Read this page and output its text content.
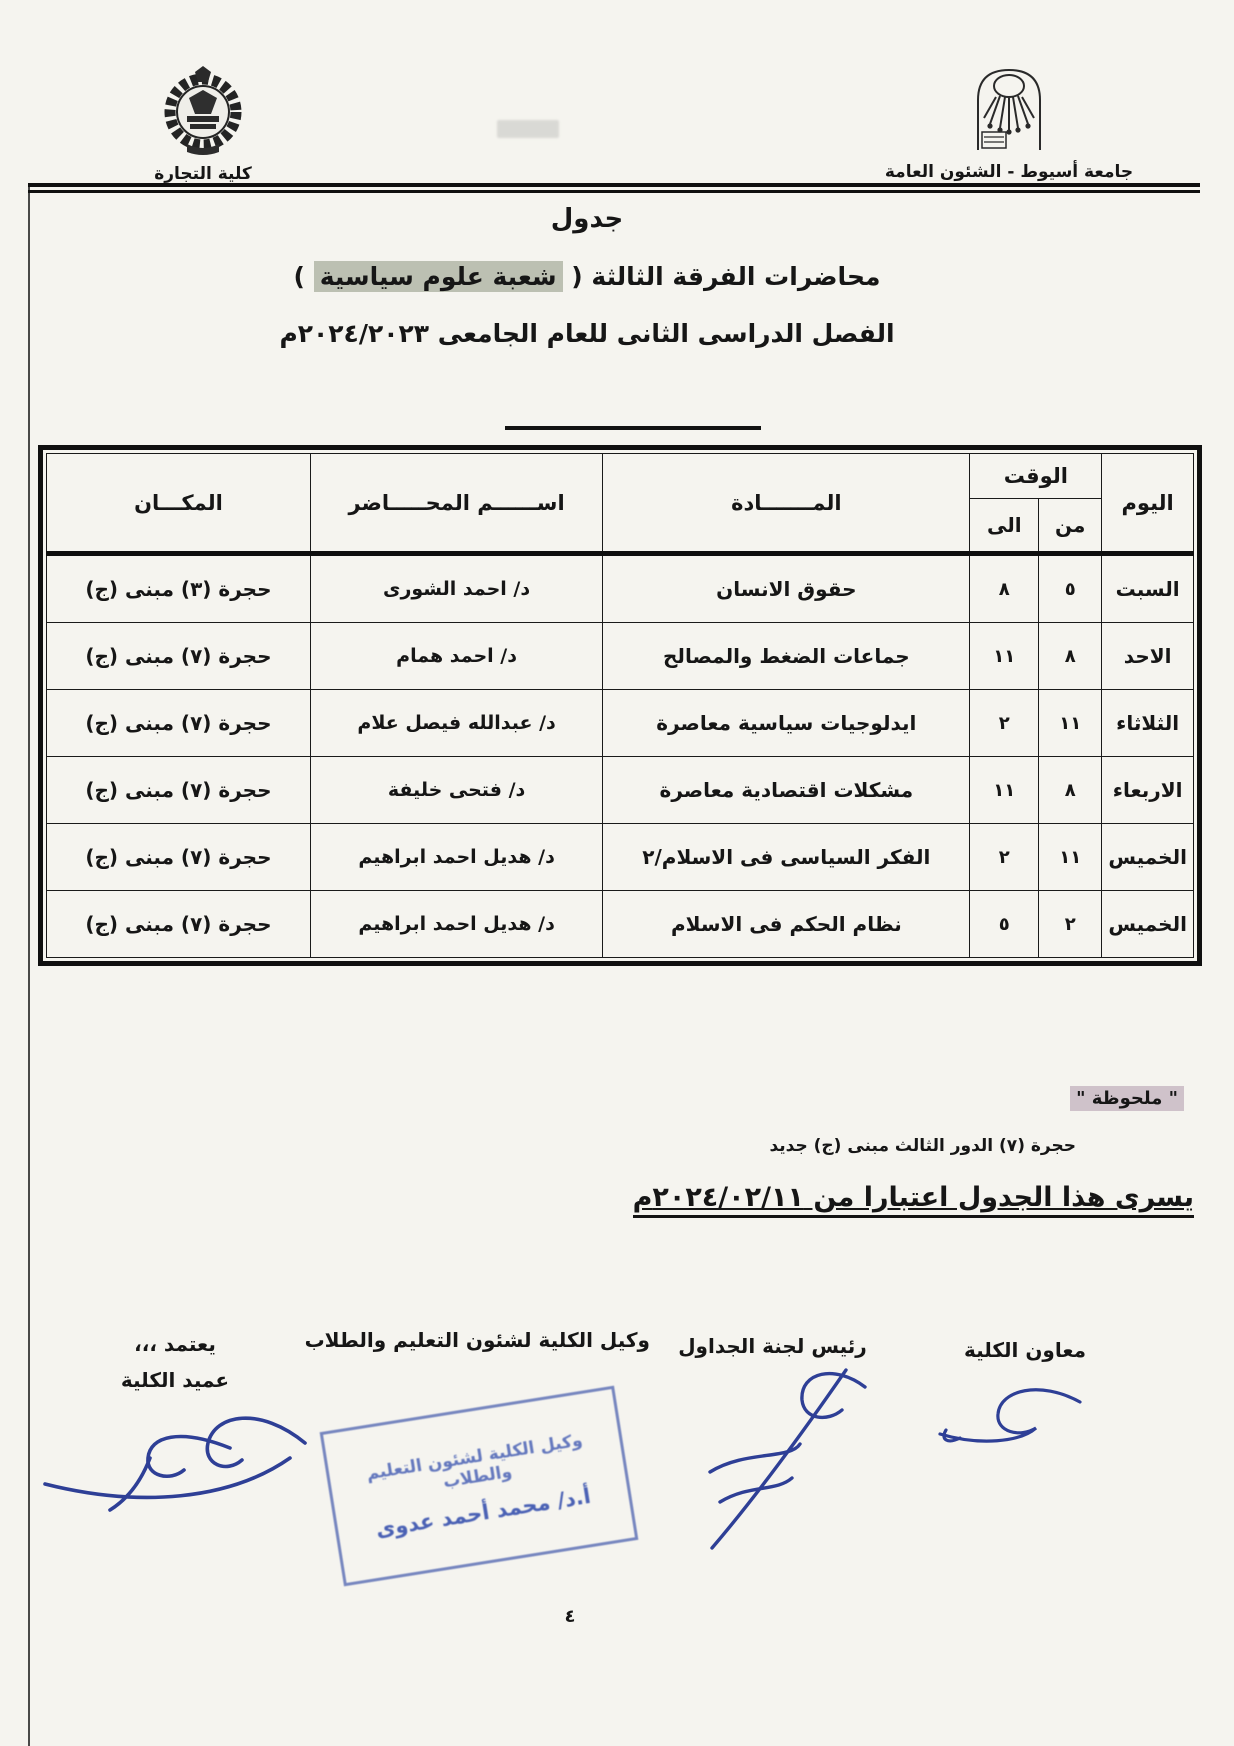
كلية التجارة	جامعة أسيوط - الشئون العامة
جدول
محاضرات الفرقة الثالثة ( شعبة علوم سياسية )
الفصل الدراسى الثانى للعام الجامعى ٢٠٢٤/٢٠٢٣م
اليوم	الوقت		المـــــــادة	اســــــم المحـــــاضر	المكـــان
	من	الى			
السبت	٥	٨	حقوق الانسان	د/ احمد الشورى	حجرة (٣) مبنى (ج)
الاحد	٨	١١	جماعات الضغط والمصالح	د/ احمد همام	حجرة (٧) مبنى (ج)
الثلاثاء	١١	٢	ايدلوجيات سياسية معاصرة	د/ عبدالله فيصل علام	حجرة (٧) مبنى (ج)
الاربعاء	٨	١١	مشكلات اقتصادية معاصرة	د/ فتحى خليفة	حجرة (٧) مبنى (ج)
الخميس	١١	٢	الفكر السياسى فى الاسلام/٢	د/ هديل احمد ابراهيم	حجرة (٧) مبنى (ج)
الخميس	٢	٥	نظام الحكم فى الاسلام	د/ هديل احمد ابراهيم	حجرة (٧) مبنى (ج)
" ملحوظة "
حجرة (٧) الدور الثالث مبنى (ج) جديد
يسرى هذا الجدول اعتبارا من ٢٠٢٤/٠٢/١١م
معاون الكلية
رئيس لجنة الجداول
وكيل الكلية لشئون التعليم والطلاب
يعتمد ،،،
عميد الكلية
وكيل الكلية لشئون التعليم والطلاب
أ.د/ محمد أحمد عدوى
٤
